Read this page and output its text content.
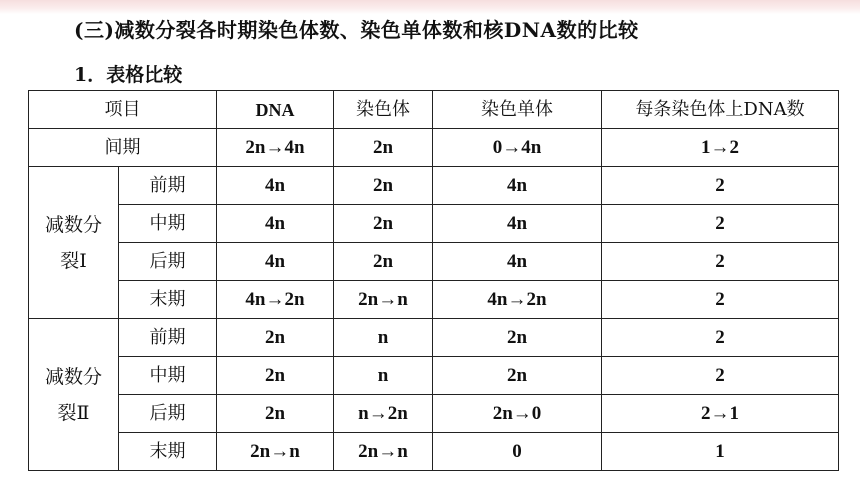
(三)减数分裂各时期染色体数、染色单体数和核DNA数的比较
1．表格比较
项目		DNA	染色体	染色单体	每条染色体上DNA数
间期		2n→4n	2n	0→4n	1→2

减数分
裂Ⅰ	前期	4n	2n	4n	2
	中期	4n	2n	4n	2
	后期	4n	2n	4n	2
	末期	4n→2n	2n→n	4n→2n	2

减数分
裂Ⅱ	前期	2n	n	2n	2
	中期	2n	n	2n	2
	后期	2n	n→2n	2n→0	2→1
	末期	2n→n	2n→n	0	1
